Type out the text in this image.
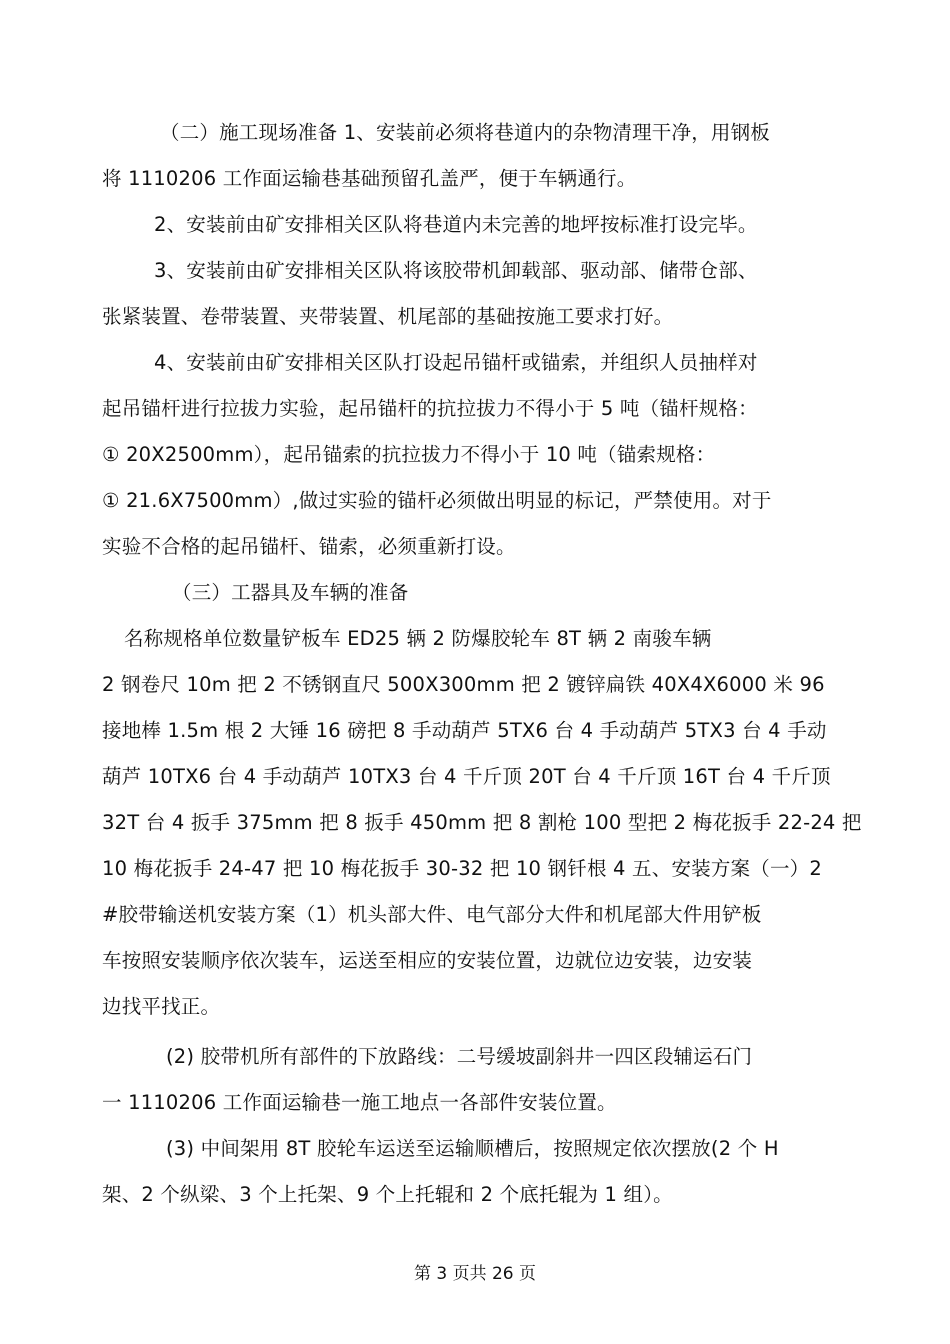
（二）施工现场准备 1、安装前必须将巷道内的杂物清理干净，用钢板
将 1110206 工作面运输巷基础预留孔盖严，便于车辆通行。
2、安装前由矿安排相关区队将巷道内未完善的地坪按标准打设完毕。
3、安装前由矿安排相关区队将该胶带机卸载部、驱动部、储带仓部、
张紧装置、卷带装置、夹带装置、机尾部的基础按施工要求打好。
4、安装前由矿安排相关区队打设起吊锚杆或锚索，并组织人员抽样对
起吊锚杆进行拉拔力实验，起吊锚杆的抗拉拔力不得小于 5 吨（锚杆规格：
① 20X2500mm），起吊锚索的抗拉拔力不得小于 10 吨（锚索规格：
① 21.6X7500mm）,做过实验的锚杆必须做出明显的标记，严禁使用。对于
实验不合格的起吊锚杆、锚索，必须重新打设。
（三）工器具及车辆的准备
名称规格单位数量铲板车 ED25 辆 2 防爆胶轮车 8T 辆 2 南骏车辆
2 钢卷尺 10m 把 2 不锈钢直尺 500X300mm 把 2 镀锌扁铁 40X4X6000 米 96
接地棒 1.5m 根 2 大锤 16 磅把 8 手动葫芦 5TX6 台 4 手动葫芦 5TX3 台 4 手动
葫芦 10TX6 台 4 手动葫芦 10TX3 台 4 千斤顶 20T 台 4 千斤顶 16T 台 4 千斤顶
32T 台 4 扳手 375mm 把 8 扳手 450mm 把 8 割枪 100 型把 2 梅花扳手 22-24 把
10 梅花扳手 24-47 把 10 梅花扳手 30-32 把 10 钢钎根 4 五、安装方案（一）2
#胶带输送机安装方案（1）机头部大件、电气部分大件和机尾部大件用铲板
车按照安装顺序依次装车，运送至相应的安装位置，边就位边安装，边安装
边找平找正。
(2) 胶带机所有部件的下放路线：二号缓坡副斜井一四区段辅运石门
一 1110206 工作面运输巷一施工地点一各部件安装位置。
(3) 中间架用 8T 胶轮车运送至运输顺槽后，按照规定依次摆放(2 个 H
架、2 个纵梁、3 个上托架、9 个上托辊和 2 个底托辊为 1 组）。
第 3 页共 26 页
